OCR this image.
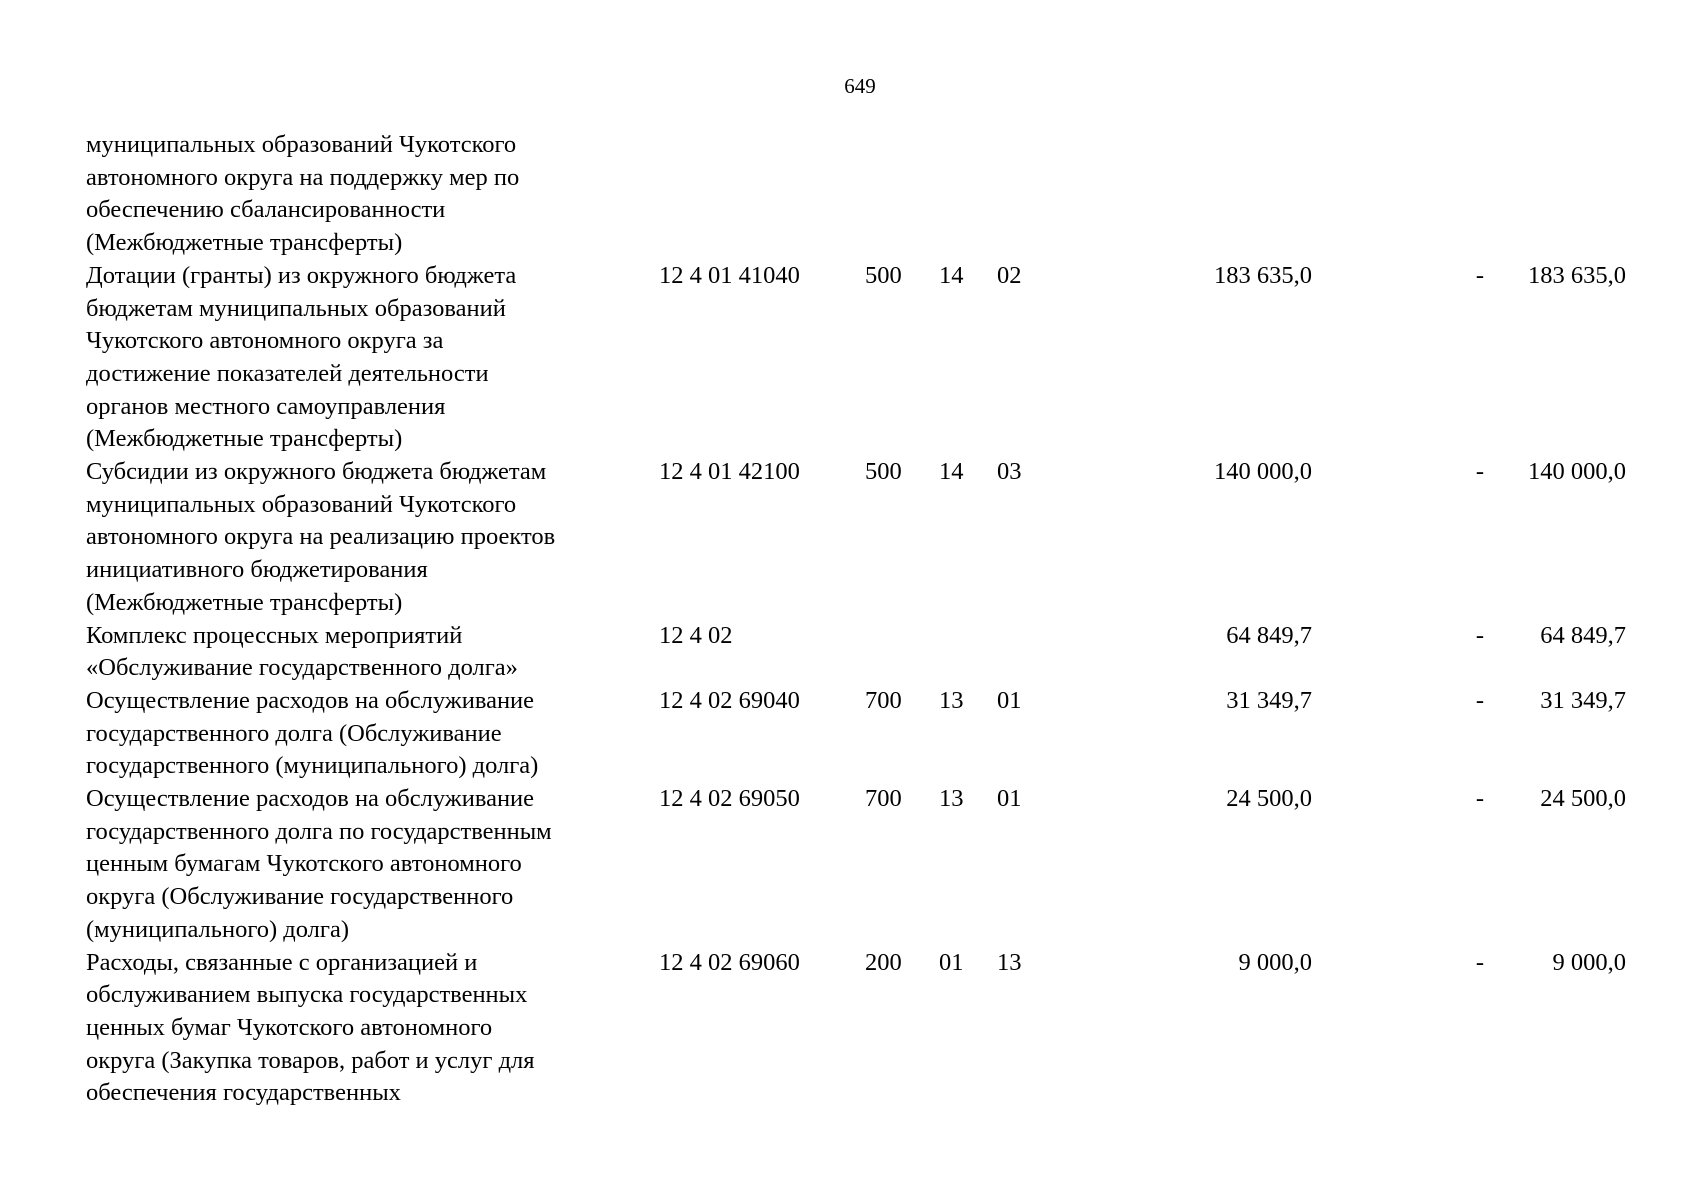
649
муниципальных образований Чукотского
автономного округа на поддержку мер по
обеспечению сбалансированности
(Межбюджетные трансферты)
Дотации (гранты) из окружного бюджета
бюджетам муниципальных образований
Чукотского автономного округа за
достижение показателей деятельности
органов местного самоуправления
(Межбюджетные трансферты)
12 4 01 41040	500 14 02	183 635,0	- 183 635,0
Субсидии из окружного бюджета бюджетам
муниципальных образований Чукотского
автономного округа на реализацию проектов
инициативного бюджетирования
(Межбюджетные трансферты)
12 4 01 42100	500 14 03	140 000,0	- 140 000,0
Комплекс процессных мероприятий
«Обслуживание государственного долга»
12 4 02	64 849,7	- 64 849,7
Осуществление расходов на обслуживание
государственного долга (Обслуживание
государственного (муниципального) долга)
12 4 02 69040	700 13 01	31 349,7	- 31 349,7
Осуществление расходов на обслуживание
государственного долга по государственным
ценным бумагам Чукотского автономного
округа (Обслуживание государственного
(муниципального) долга)
12 4 02 69050	700 13 01	24 500,0	- 24 500,0
Расходы, связанные с организацией и
обслуживанием выпуска государственных
ценных бумаг Чукотского автономного
округа (Закупка товаров, работ и услуг для
обеспечения государственных
12 4 02 69060	200 01 13	9 000,0	-	9 000,0
